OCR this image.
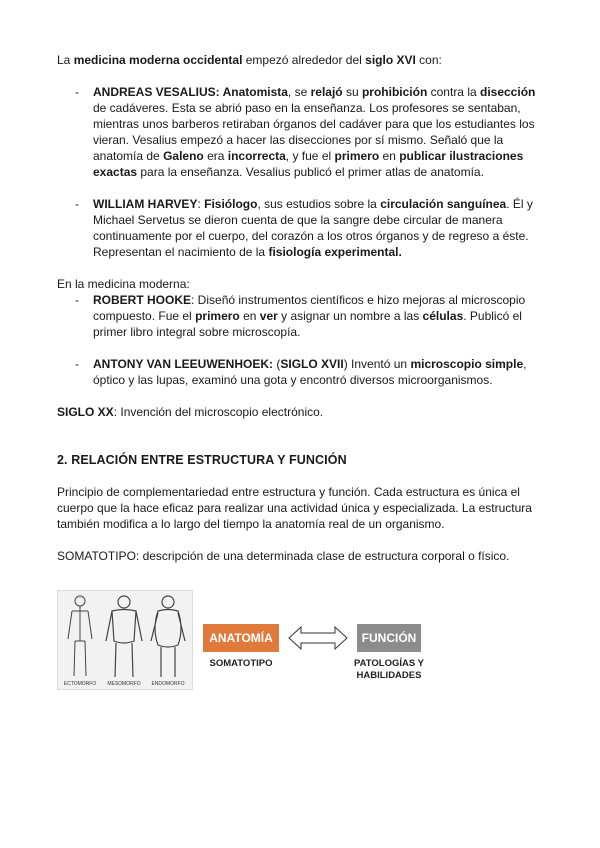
La medicina moderna occidental empezó alrededor del siglo XVI con:

- ANDREAS VESALIUS: Anatomista, se relajó su prohibición contra la disección de cadáveres. Esta se abrió paso en la enseñanza. Los profesores se sentaban, mientras unos barberos retiraban órganos del cadáver para que los estudiantes los vieran. Vesalius empezó a hacer las disecciones por sí mismo. Señaló que la anatomía de Galeno era incorrecta, y fue el primero en publicar ilustraciones exactas para la enseñanza. Vesalius publicó el primer atlas de anatomía.
- WILLIAM HARVEY: Fisiólogo, sus estudios sobre la circulación sanguínea. Él y Michael Servetus se dieron cuenta de que la sangre debe circular de manera continuamente por el cuerpo, del corazón a los otros órganos y de regreso a éste. Representan el nacimiento de la fisiología experimental.

En la medicina moderna:

- ROBERT HOOKE: Diseñó instrumentos científicos e hizo mejoras al microscopio compuesto. Fue el primero en ver y asignar un nombre a las células. Publicó el primer libro integral sobre microscopía.
- ANTONY VAN LEEUWENHOEK: (SIGLO XVII) Inventó un microscopio simple, óptico y las lupas, examinó una gota y encontró diversos microorganismos.

SIGLO XX: Invención del microscopio electrónico.

2. RELACIÓN ENTRE ESTRUCTURA Y FUNCIÓN

Principio de complementariedad entre estructura y función. Cada estructura es única el cuerpo que la hace eficaz para realizar una actividad única y especializada. La estructura también modifica a lo largo del tiempo la anatomía real de un organismo.

SOMATOTIPO: descripción de una determinada clase de estructura corporal o físico.

ECTOMORFO	MESOMORFO	ENDOMORFO
ANATOMÍA	FUNCIÓN
SOMATOTIPO	PATOLOGÍAS Y
HABILIDADES
